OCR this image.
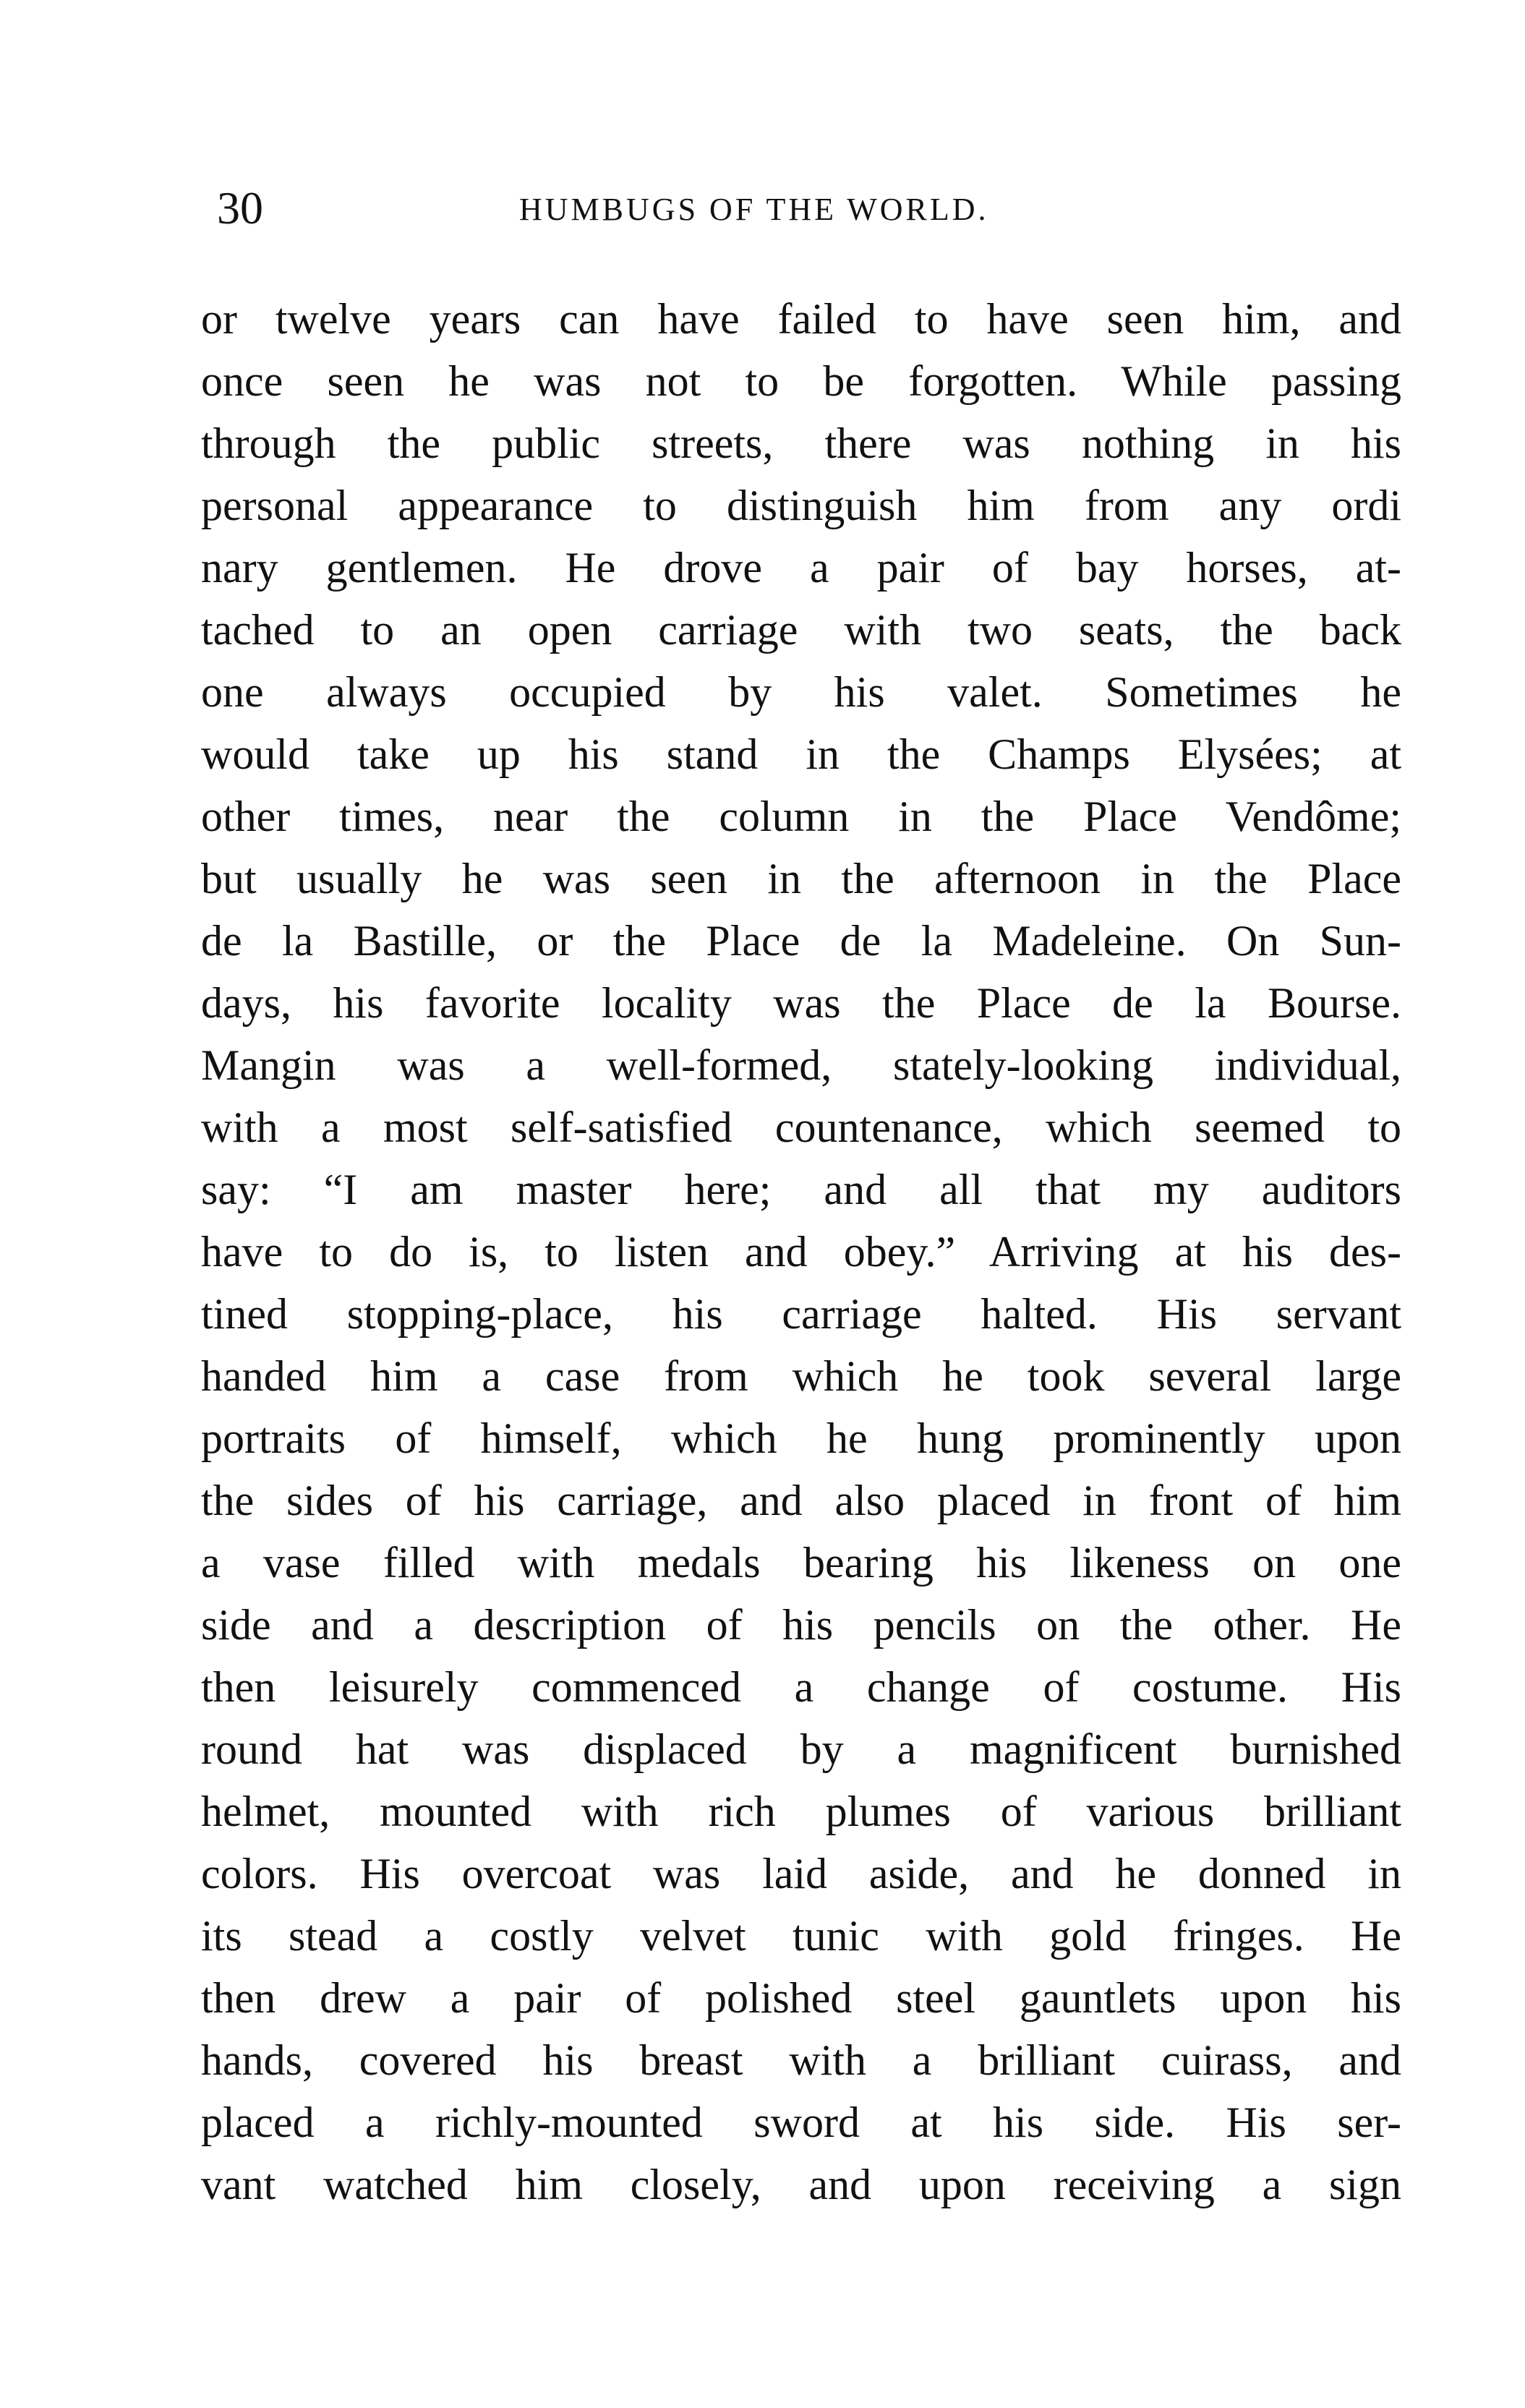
30	HUMBUGS OF THE WORLD.
or twelve years can have failed to have seen him, and
once seen he was not to be forgotten. While passing
through the public streets, there was nothing in his
personal appearance to distinguish him from any ordi
nary gentlemen. He drove a pair of bay horses, at-
tached to an open carriage with two seats, the back
one always occupied by his valet. Sometimes he
would take up his stand in the Champs Elysées; at
other times, near the column in the Place Vendôme;
but usually he was seen in the afternoon in the Place
de la Bastille, or the Place de la Madeleine. On Sun-
days, his favorite locality was the Place de la Bourse.
Mangin was a well-formed, stately-looking individual,
with a most self-satisfied countenance, which seemed to
say: “I am master here; and all that my auditors
have to do is, to listen and obey.” Arriving at his des-
tined stopping-place, his carriage halted. His servant
handed him a case from which he took several large
portraits of himself, which he hung prominently upon
the sides of his carriage, and also placed in front of him
a vase filled with medals bearing his likeness on one
side and a description of his pencils on the other. He
then leisurely commenced a change of costume. His
round hat was displaced by a magnificent burnished
helmet, mounted with rich plumes of various brilliant
colors. His overcoat was laid aside, and he donned in
its stead a costly velvet tunic with gold fringes. He
then drew a pair of polished steel gauntlets upon his
hands, covered his breast with a brilliant cuirass, and
placed a richly-mounted sword at his side. His ser-
vant watched him closely, and upon receiving a sign
